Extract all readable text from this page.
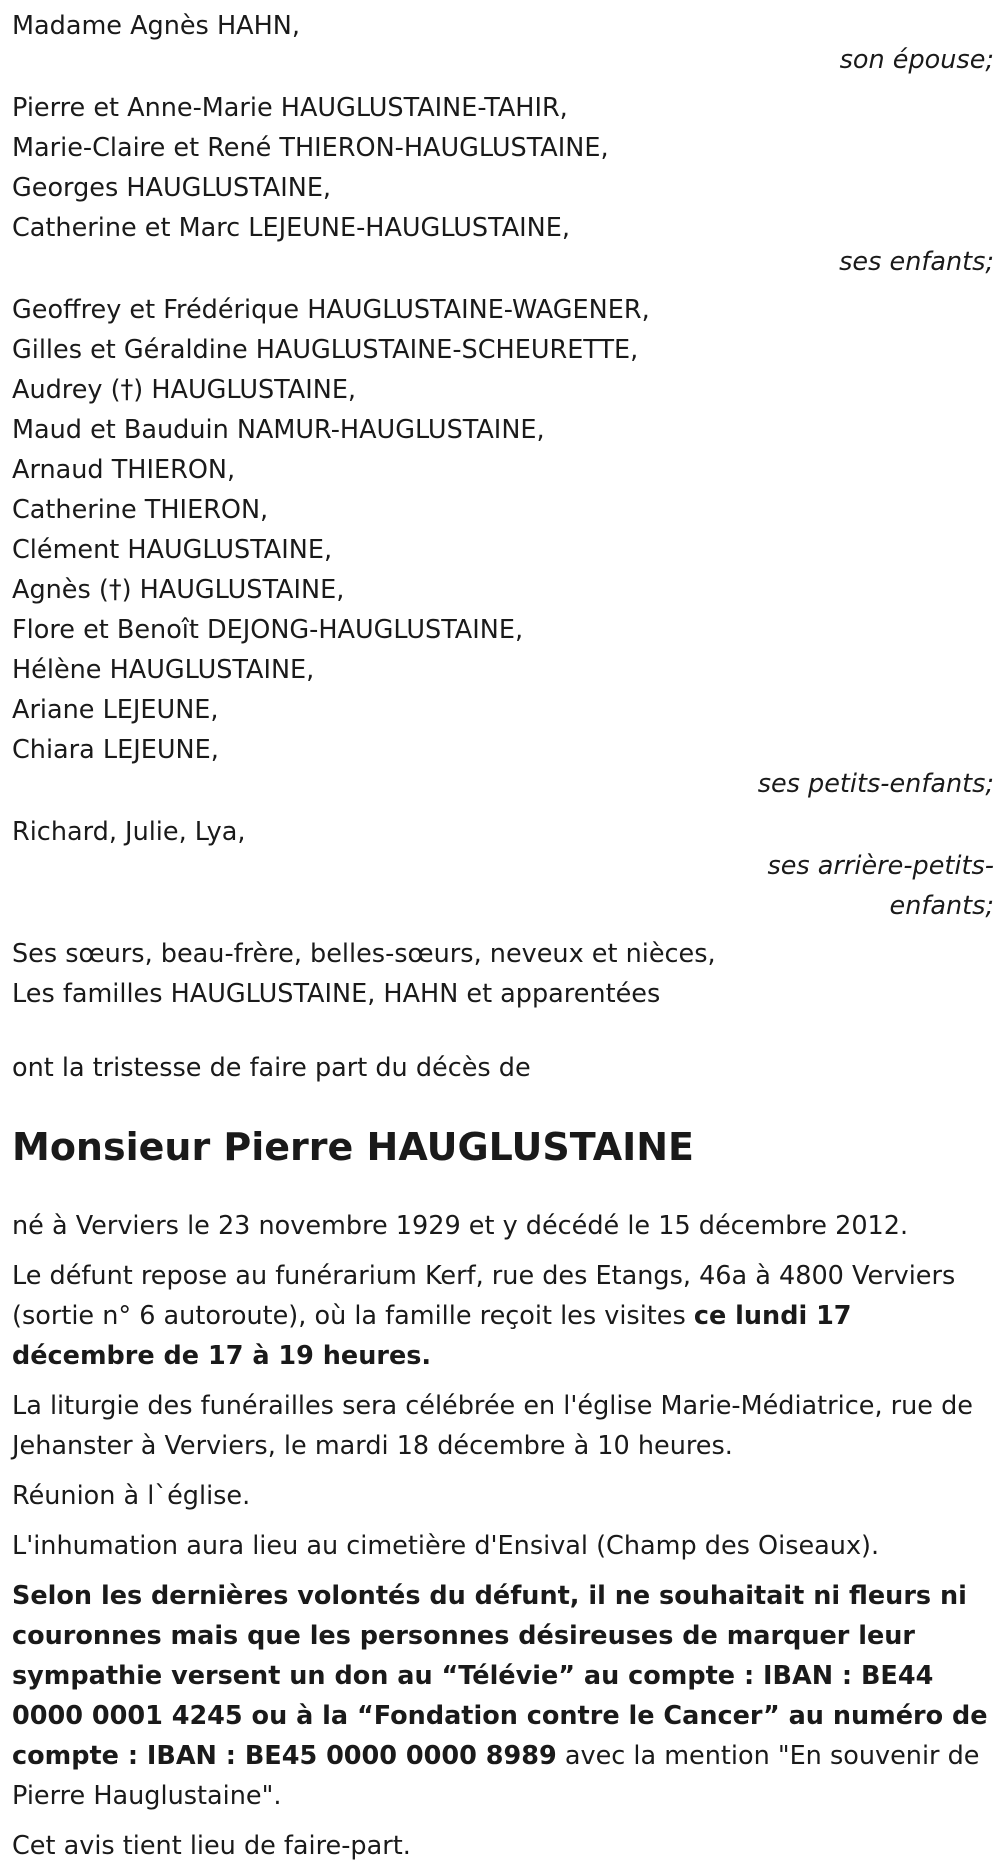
Madame Agnès HAHN,
son épouse;
Pierre et Anne-Marie HAUGLUSTAINE-TAHIR,
Marie-Claire et René THIERON-HAUGLUSTAINE,
Georges HAUGLUSTAINE,
Catherine et Marc LEJEUNE-HAUGLUSTAINE,
ses enfants;
Geoffrey et Frédérique HAUGLUSTAINE-WAGENER,
Gilles et Géraldine HAUGLUSTAINE-SCHEURETTE,
Audrey (†) HAUGLUSTAINE,
Maud et Bauduin NAMUR-HAUGLUSTAINE,
Arnaud THIERON,
Catherine THIERON,
Clément HAUGLUSTAINE,
Agnès (†) HAUGLUSTAINE,
Flore et Benoît DEJONG-HAUGLUSTAINE,
Hélène HAUGLUSTAINE,
Ariane LEJEUNE,
Chiara LEJEUNE,
ses petits-enfants;
Richard, Julie, Lya,
ses arrière-petits-enfants;
Ses sœurs, beau-frère, belles-sœurs, neveux et nièces,
Les familles HAUGLUSTAINE, HAHN et apparentées
ont la tristesse de faire part du décès de
Monsieur Pierre HAUGLUSTAINE

né à Verviers le 23 novembre 1929 et y décédé le 15 décembre 2012.

Le défunt repose au funérarium Kerf, rue des Etangs, 46a à 4800 Verviers (sortie n° 6 autoroute), où la famille reçoit les visites ce lundi 17 décembre de 17 à 19 heures.

La liturgie des funérailles sera célébrée en l'église Marie-Médiatrice, rue de Jehanster à Verviers, le mardi 18 décembre à 10 heures.

Réunion à l`église.

L'inhumation aura lieu au cimetière d'Ensival (Champ des Oiseaux).

Selon les dernières volontés du défunt, il ne souhaitait ni fleurs ni couronnes mais que les personnes désireuses de marquer leur sympathie versent un don au “Télévie” au compte : IBAN : BE44 0000 0001 4245 ou à la “Fondation contre le Cancer” au numéro de compte : IBAN : BE45 0000 0000 8989 avec la mention "En souvenir de Pierre Hauglustaine".

Cet avis tient lieu de faire-part.
